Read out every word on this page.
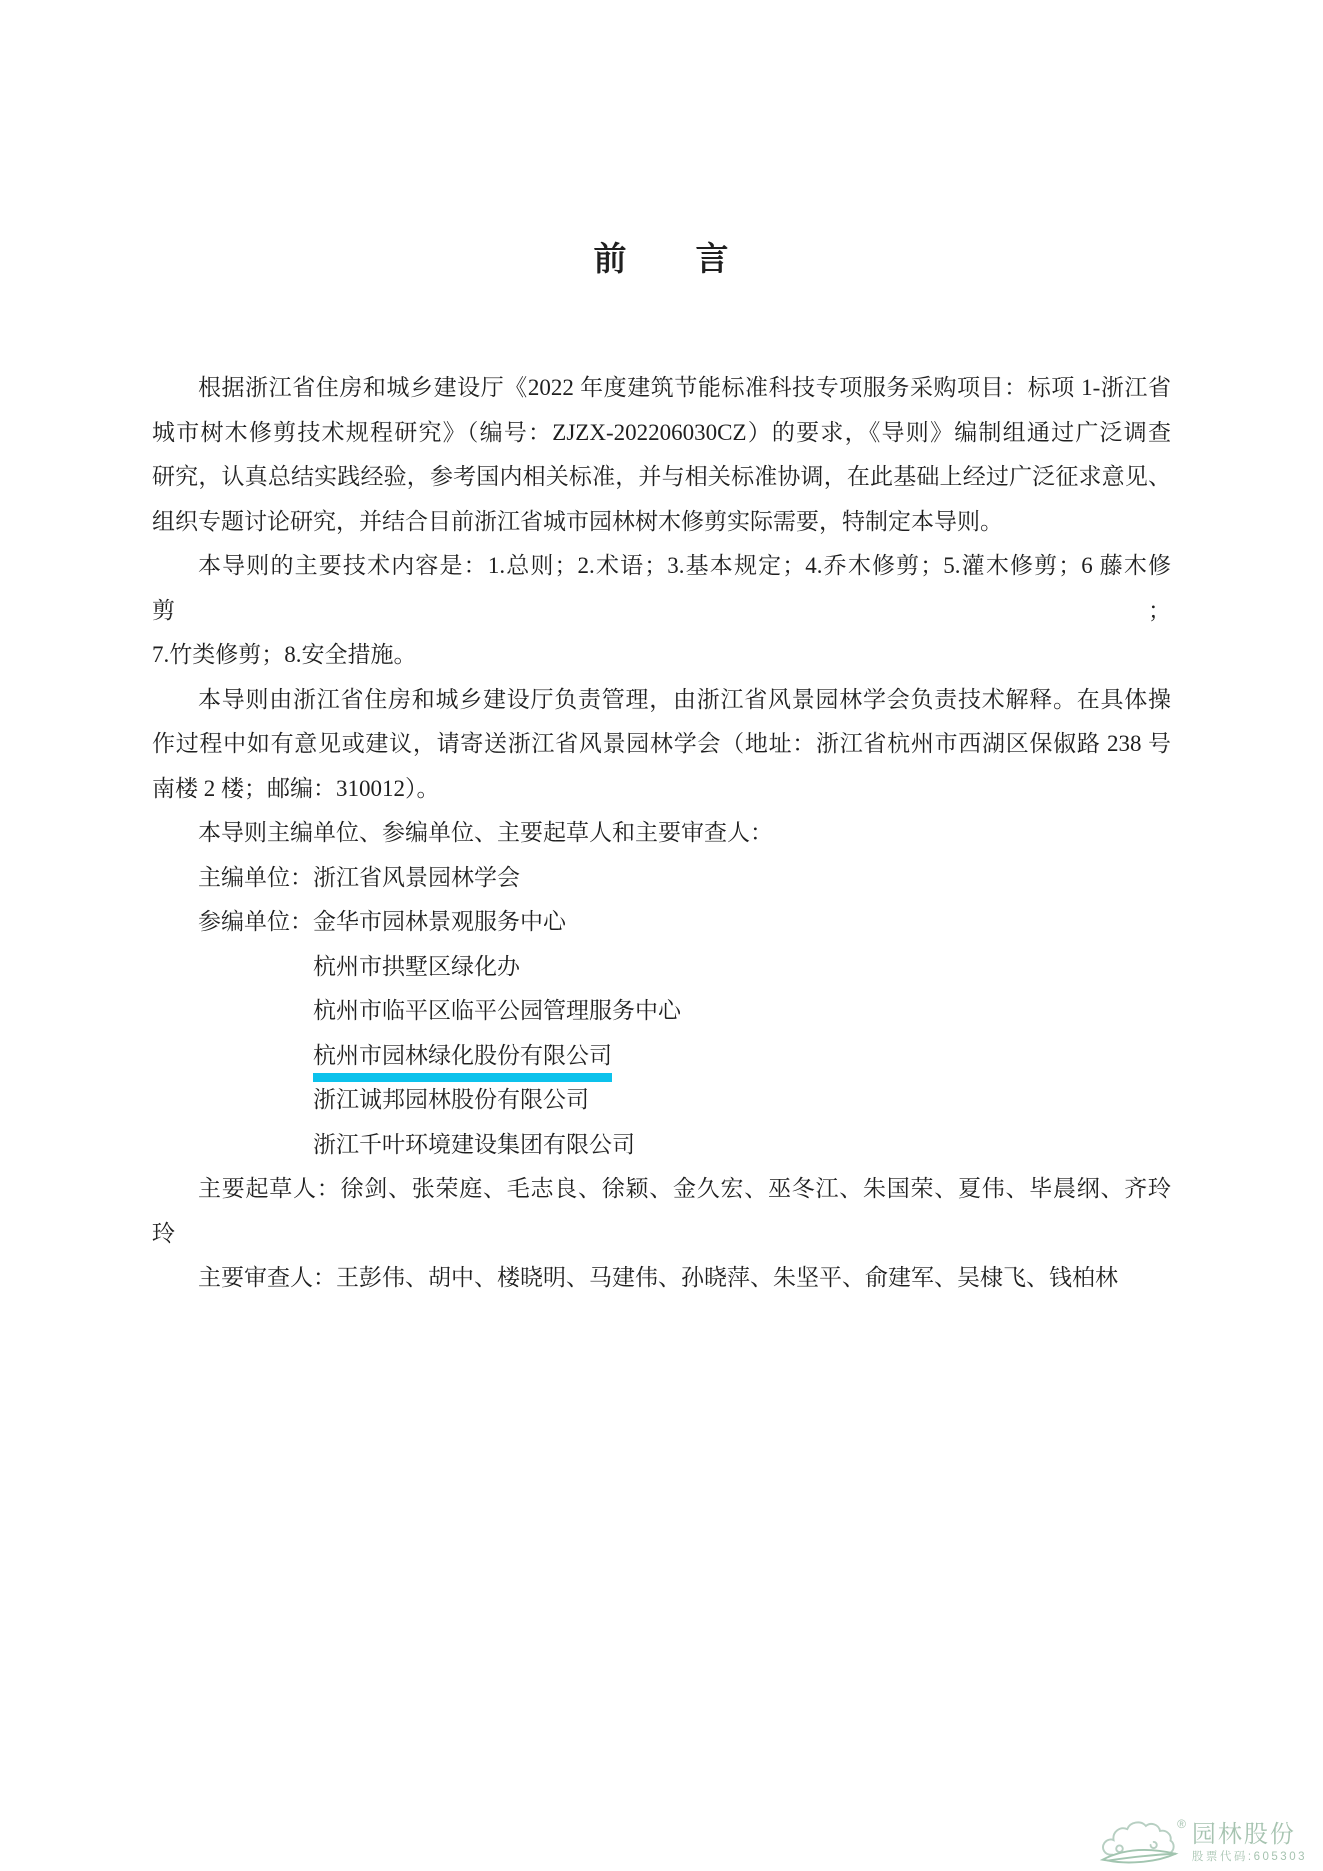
前　　言
根据浙江省住房和城乡建设厅《2022 年度建筑节能标准科技专项服务采购项目：标项 1-浙江省
城市树木修剪技术规程研究》（编号：ZJZX-202206030CZ）的要求，《导则》编制组通过广泛调查
研究，认真总结实践经验，参考国内相关标准，并与相关标准协调，在此基础上经过广泛征求意见、
组织专题讨论研究，并结合目前浙江省城市园林树木修剪实际需要，特制定本导则。
本导则的主要技术内容是：1.总则；2.术语；3.基本规定；4.乔木修剪；5.灌木修剪；6 藤木修剪；
7.竹类修剪；8.安全措施。
本导则由浙江省住房和城乡建设厅负责管理，由浙江省风景园林学会负责技术解释。在具体操
作过程中如有意见或建议，请寄送浙江省风景园林学会（地址：浙江省杭州市西湖区保俶路 238 号
南楼 2 楼；邮编：310012）。
本导则主编单位、参编单位、主要起草人和主要审查人：
主编单位：浙江省风景园林学会
参编单位：金华市园林景观服务中心
杭州市拱墅区绿化办
杭州市临平区临平公园管理服务中心
杭州市园林绿化股份有限公司
浙江诚邦园林股份有限公司
浙江千叶环境建设集团有限公司
主要起草人：徐剑、张荣庭、毛志良、徐颖、金久宏、巫冬江、朱国荣、夏伟、毕晨纲、齐玲
玲
主要审查人：王彭伟、胡中、楼晓明、马建伟、孙晓萍、朱坚平、俞建军、吴棣飞、钱柏林
® 园林股份
股票代码:605303
